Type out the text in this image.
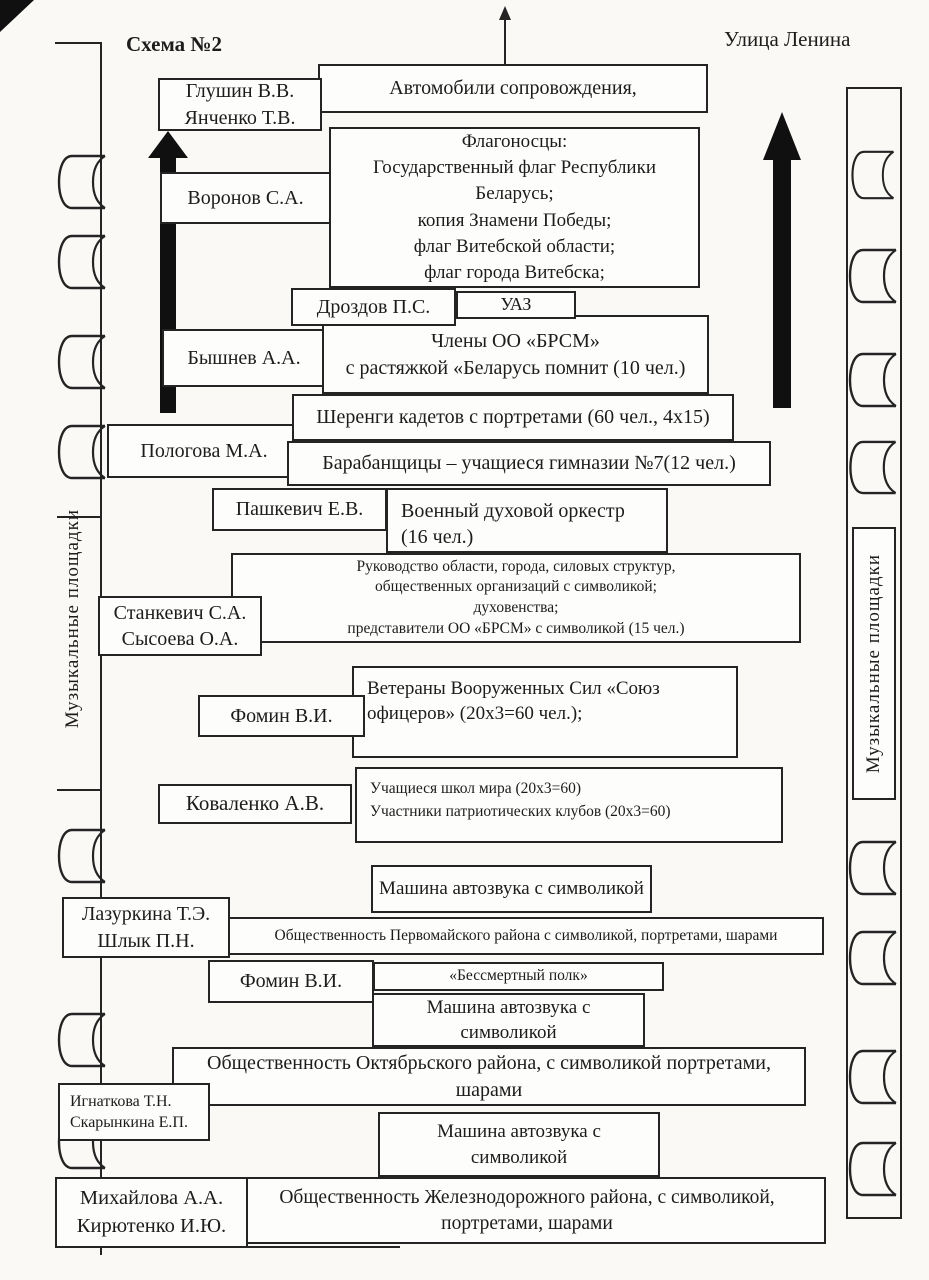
Музыкальные площадки	Музыкальные площадки
Схема №2	Улица Ленина
Автомобили сопровождения,
Глушин В.В.
Янченко Т.В.
Воронов С.А.
Флагоносцы:
Государственный флаг Республики
Беларусь;
копия Знамени Победы;
флаг Витебской области;
флаг города Витебска;
Бышнев А.А.
Члены ОО «БРСМ»
с растяжкой «Беларусь помнит (10 чел.)
УАЗ
Дроздов П.С.
Пологова М.А.
Шеренги кадетов с портретами (60 чел., 4х15)
Барабанщицы – учащиеся гимназии №7(12 чел.)
Военный духовой оркестр
(16 чел.)
Пашкевич Е.В.
Руководство области, города, силовых структур,
общественных организаций с символикой;
духовенства;
представители ОО «БРСМ» с символикой (15 чел.)
Станкевич С.А.
Сысоева О.А.
Ветераны Вооруженных Сил «Союз
офицеров» (20х3=60 чел.);
Фомин В.И.
Учащиеся школ мира (20х3=60)
Участники патриотических клубов (20х3=60)
Коваленко А.В.
Машина автозвука с символикой
Общественность Первомайского района с символикой, портретами, шарами
Лазуркина Т.Э.
Шлык П.Н.
«Бессмертный полк»
Фомин В.И.
Машина автозвука с
символикой
Общественность Октябрьского района, с символикой портретами,
шарами
Игнаткова Т.Н.
Скарынкина Е.П.	Машина автозвука с
символикой
Общественность Железнодорожного района, с символикой,
портретами, шарами
Михайлова А.А.
Кирютенко И.Ю.
